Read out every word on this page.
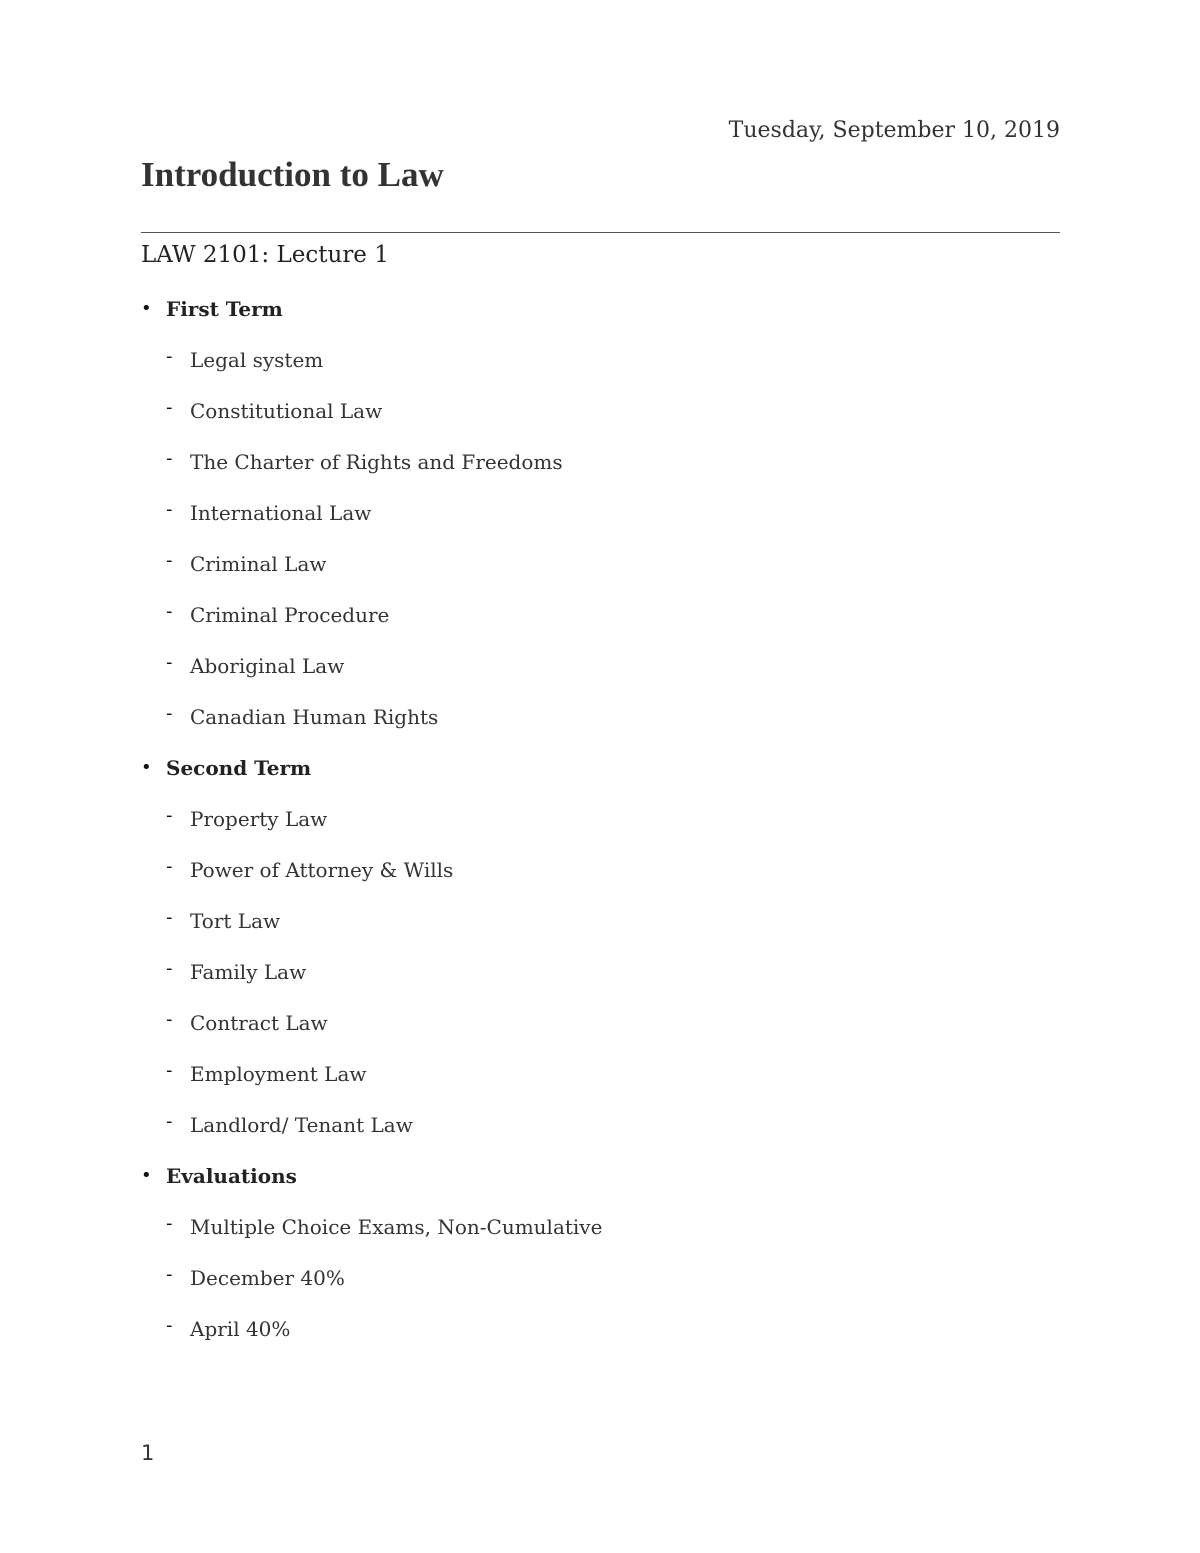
Tuesday, September 10, 2019
Introduction to Law
LAW 2101: Lecture 1
• First Term
- Legal system
- Constitutional Law
- The Charter of Rights and Freedoms
- International Law
- Criminal Law
- Criminal Procedure
- Aboriginal Law
- Canadian Human Rights
• Second Term
- Property Law
- Power of Attorney & Wills
- Tort Law
- Family Law
- Contract Law
- Employment Law
- Landlord/ Tenant Law
• Evaluations
- Multiple Choice Exams, Non-Cumulative
- December 40%
- April 40%
1
